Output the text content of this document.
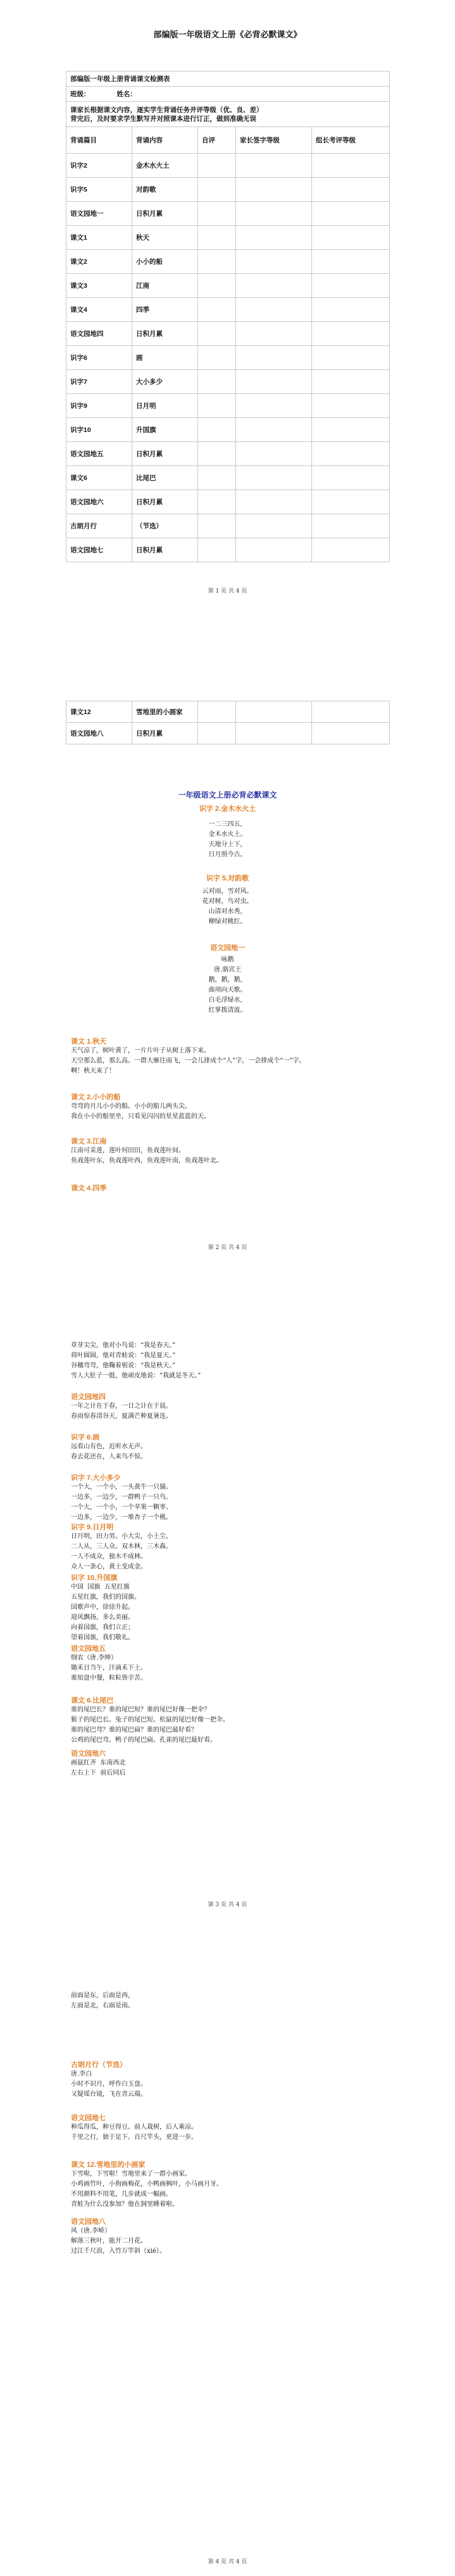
部编版一年级语文上册《必背必默课文》
部编版一年级上册背诵课文检测表				
班级： 姓名：				

课家长根据课文内容，逐实学生背诵任务并评等级（优、良、差）
背完后，及时要求学生默写并对照课本进行订正，做到准确无误				

背诵篇目	背诵内容	自评	家长签字等级	组长考评等级
识字2	金木水火土			
识字5	对韵歌			
语文园地一	日积月累			
课文1	秋天			
课文2	小小的船			
课文3	江南			
课文4	四季			
语文园地四	日积月累			
识字6	画			
识字7	大小多少			
识字9	日月明			
识字10	升国旗			
语文园地五	日积月累			
课文6	比尾巴			
语文园地六	日积月累			
古朗月行	（节选）			
语文园地七	日积月累			
第 1 页 共 4 页
课文12	雪地里的小画家			
语文园地八	日积月累			
一年级语文上册必背必默课文
识字 2.金木水火土
一二三四五，
金木水火土。
天地分上下，
日月照今古。
识字 5.对韵歌
云对雨，雪对风。
花对树，鸟对虫。
山清对水秀，
柳绿对桃红。
语文园地一
咏鹅
唐.骆宾王
鹅，鹅，鹅，
曲项向天歌。
白毛浮绿水，
红掌拨清波。
课文 1.秋天
天气凉了，树叶黄了，一片片叶子从树上落下来。
天空那么蓝，那么高。一群大雁往南飞，一会儿排成个“人”字，一会排成个“一”字。
啊！秋天来了！
课文 2.小小的船
弯弯的月儿小小的船。小小的船儿两头尖。
我在小小的船里坐，只看见闪闪的星星蓝蓝的天。
课文 3.江南
江南可采莲，莲叶何田田，鱼戏莲叶间。
鱼戏莲叶东，鱼戏莲叶西，鱼戏莲叶南，鱼戏莲叶北。
课文 4.四季
第 2 页 共 4 页
草芽尖尖，他对小鸟说：“我是春天。”
荷叶圆圆，他对青蛙说：“我是夏天。”
谷穗弯弯，他鞠着躬说：“我是秋天。”
雪人大肚子一挺，他顽皮地说：“我就是冬天。”
语文园地四
一年之计在于春，一日之计在于晨。
春雨惊春清谷天，夏满芒种夏暑连。
识字 6.画
远看山有色，近听水无声。
春去花还在，人来鸟不惊。
识字 7.大小多少
一个大，一个小，一头黄牛一只猫。
一边多，一边少，一群鸭子一只鸟。
一个大，一个小，一个苹果一颗枣。
一边多，一边少，一堆杏子一个桃。
识字 9.日月明
日月明，田力男。小大尖，小土尘。
二人从，三人众。双木林，三木森。
一人不成众，独木不成林。
众人一条心，黄土变成金。
识字 10.升国旗
中国  国旗  五星红旗
五星红旗，我们的国旗。
国歌声中，徐徐升起。
迎风飘扬，多么美丽。
向着国旗，我们立正；
望着国旗，我们敬礼。
语文园地五
悯农（唐.李绅）
锄禾日当午，汗滴禾下土。
谁知盘中餐，粒粒皆辛苦。
课文 6.比尾巴
谁的尾巴长？谁的尾巴短？谁的尾巴好像一把伞？
猴子的尾巴长。兔子的尾巴短。松鼠的尾巴好像一把伞。
谁的尾巴弯？谁的尾巴扁？谁的尾巴最好看？
公鸡的尾巴弯。鸭子的尾巴扁。孔雀的尾巴最好看。
语文园地六
画鼠红齐  东南西北
左右上下  前后同后
第 3 页 共 4 页
前面是东，后面是西，
左面是北，右面是南。
古朗月行（节选）
唐.李白
小时不识月，呼作白玉盘。
又疑瑶台镜，飞在青云端。
语文园地七
种瓜得瓜，种豆得豆。前人栽树，后人乘凉。
千里之行，始于足下。百尺竿头，更进一步。
课文 12.雪地里的小画家
下雪啦，下雪啦！雪地里来了一群小画家。
小鸡画竹叶，小狗画梅花，小鸭画枫叶，小马画月牙。
不用颜料不用笔，几步就成一幅画。
青蛙为什么没参加？他在洞里睡着啦。
语文园地八
风（唐.李峤）
解落三秋叶，能开二月花。
过江千尺浪，入竹万竿斜（xié）。
第 4 页 共 4 页
